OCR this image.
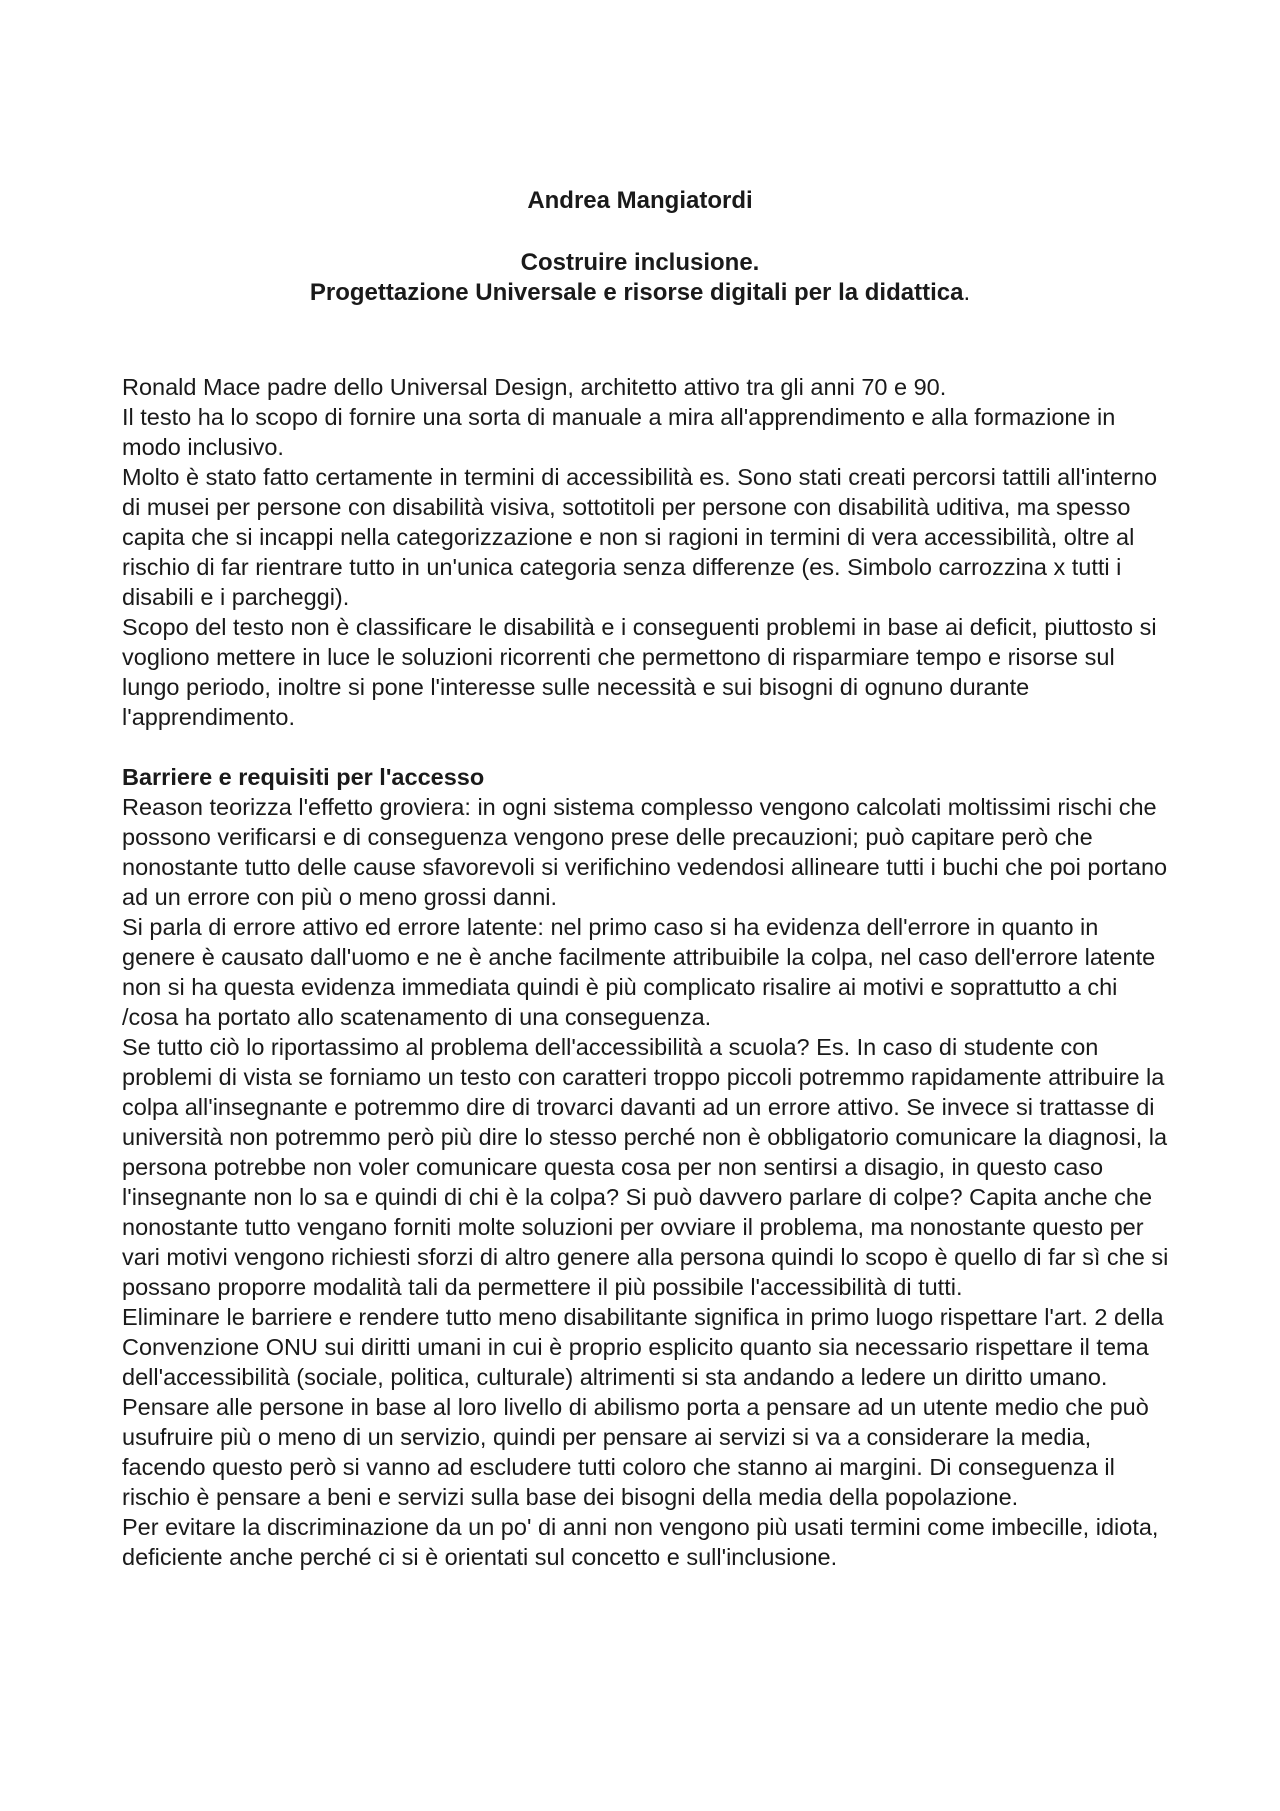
Andrea Mangiatordi

Costruire inclusione.

Progettazione Universale e risorse digitali per la didattica.

Ronald Mace padre dello Universal Design, architetto attivo tra gli anni 70 e 90.

Il testo ha lo scopo di fornire una sorta di manuale a mira all'apprendimento e alla formazione in modo inclusivo.

Molto è stato fatto certamente in termini di accessibilità es. Sono stati creati percorsi tattili all'interno di musei per persone con disabilità visiva, sottotitoli per persone con disabilità uditiva, ma spesso capita che si incappi nella categorizzazione e non si ragioni in termini di vera accessibilità, oltre al rischio di far rientrare tutto in un'unica categoria senza differenze (es. Simbolo carrozzina x tutti i disabili e i parcheggi).

Scopo del testo non è classificare le disabilità e i conseguenti problemi in base ai deficit, piuttosto si vogliono mettere in luce le soluzioni ricorrenti che permettono di risparmiare tempo e risorse sul lungo periodo, inoltre si pone l'interesse sulle necessità e sui bisogni di ognuno durante l'apprendimento.

Barriere e requisiti per l'accesso

Reason teorizza l'effetto groviera: in ogni sistema complesso vengono calcolati moltissimi rischi che possono verificarsi e di conseguenza vengono prese delle precauzioni; può capitare però che nonostante tutto delle cause sfavorevoli si verifichino vedendosi allineare tutti i buchi che poi portano ad un errore con più o meno grossi danni.

Si parla di errore attivo ed errore latente: nel primo caso si ha evidenza dell'errore in quanto in genere è causato dall'uomo e ne è anche facilmente attribuibile la colpa, nel caso dell'errore latente non si ha questa evidenza immediata quindi è più complicato risalire ai motivi e soprattutto a chi /cosa ha portato allo scatenamento di una conseguenza.

Se tutto ciò lo riportassimo al problema dell'accessibilità a scuola? Es. In caso di studente con problemi di vista se forniamo un testo con caratteri troppo piccoli potremmo rapidamente attribuire la colpa all'insegnante e potremmo dire di trovarci davanti ad un errore attivo. Se invece si trattasse di università non potremmo però più dire lo stesso perché non è obbligatorio comunicare la diagnosi, la persona potrebbe non voler comunicare questa cosa per non sentirsi a disagio, in questo caso l'insegnante non lo sa e quindi di chi è la colpa? Si può davvero parlare di colpe? Capita anche che nonostante tutto vengano forniti molte soluzioni per ovviare il problema, ma nonostante questo per vari motivi vengono richiesti sforzi di altro genere alla persona quindi lo scopo è quello di far sì che si possano proporre modalità tali da permettere il più possibile l'accessibilità di tutti.

Eliminare le barriere e rendere tutto meno disabilitante significa in primo luogo rispettare l'art. 2 della Convenzione ONU sui diritti umani in cui è proprio esplicito quanto sia necessario rispettare il tema dell'accessibilità (sociale, politica, culturale) altrimenti si sta andando a ledere un diritto umano.

Pensare alle persone in base al loro livello di abilismo porta a pensare ad un utente medio che può usufruire più o meno di un servizio, quindi per pensare ai servizi si va a considerare la media, facendo questo però si vanno ad escludere tutti coloro che stanno ai margini. Di conseguenza il rischio è pensare a beni e servizi sulla base dei bisogni della media della popolazione.

Per evitare la discriminazione da un po' di anni non vengono più usati termini come imbecille, idiota, deficiente anche perché ci si è orientati sul concetto e sull'inclusione.
